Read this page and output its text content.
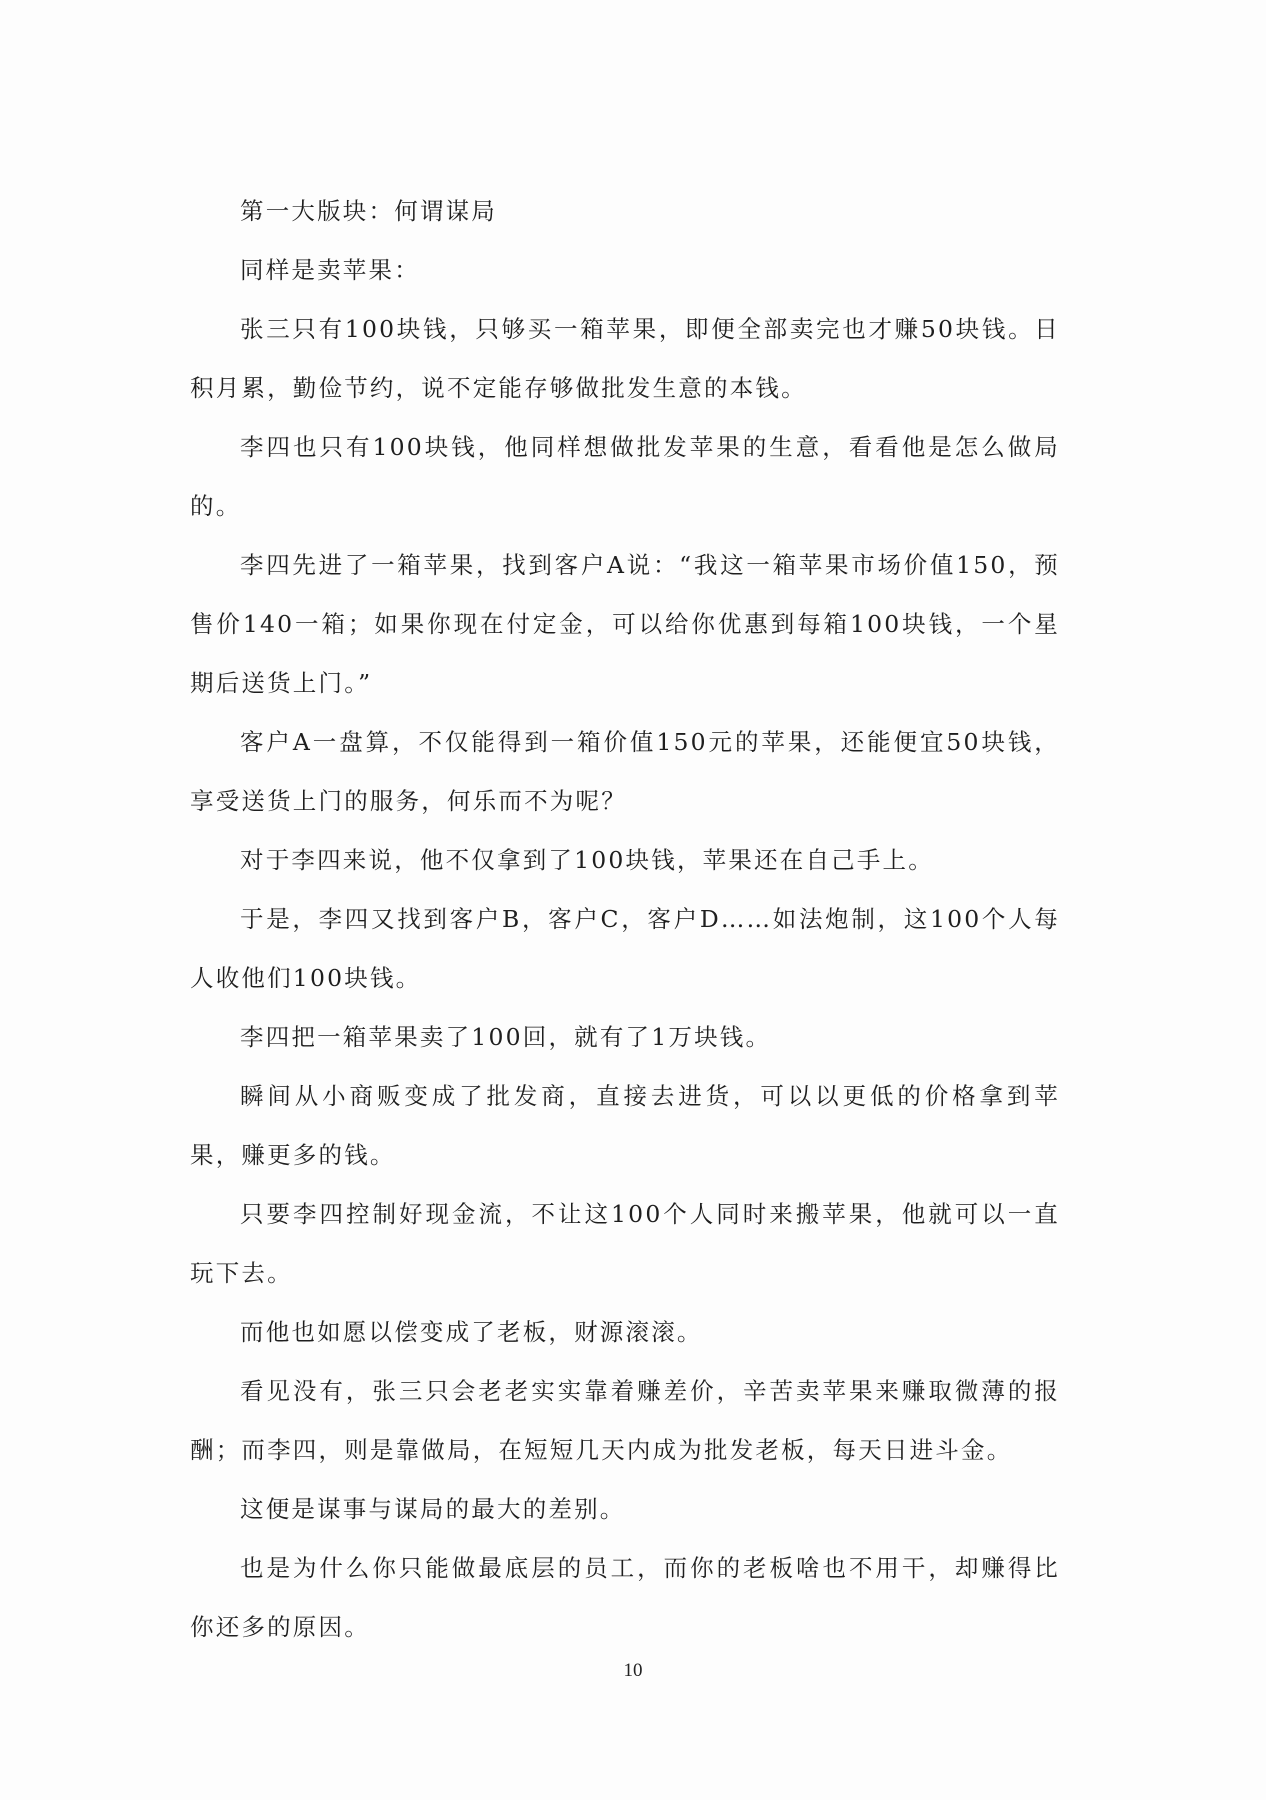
第一大版块：何谓谋局

同样是卖苹果：

张三只有100块钱，只够买一箱苹果，即便全部卖完也才赚50块钱。日积月累，勤俭节约，说不定能存够做批发生意的本钱。

李四也只有100块钱，他同样想做批发苹果的生意，看看他是怎么做局的。

李四先进了一箱苹果，找到客户A说：“我这一箱苹果市场价值150，预售价140一箱；如果你现在付定金，可以给你优惠到每箱100块钱，一个星期后送货上门。”

客户A一盘算，不仅能得到一箱价值150元的苹果，还能便宜50块钱，享受送货上门的服务，何乐而不为呢？

对于李四来说，他不仅拿到了100块钱，苹果还在自己手上。

于是，李四又找到客户B，客户C，客户D……如法炮制，这100个人每人收他们100块钱。

李四把一箱苹果卖了100回，就有了1万块钱。

瞬间从小商贩变成了批发商，直接去进货，可以以更低的价格拿到苹果，赚更多的钱。

只要李四控制好现金流，不让这100个人同时来搬苹果，他就可以一直玩下去。

而他也如愿以偿变成了老板，财源滚滚。

看见没有，张三只会老老实实靠着赚差价，辛苦卖苹果来赚取微薄的报酬；而李四，则是靠做局，在短短几天内成为批发老板，每天日进斗金。

这便是谋事与谋局的最大的差别。

也是为什么你只能做最底层的员工，而你的老板啥也不用干，却赚得比你还多的原因。

10
